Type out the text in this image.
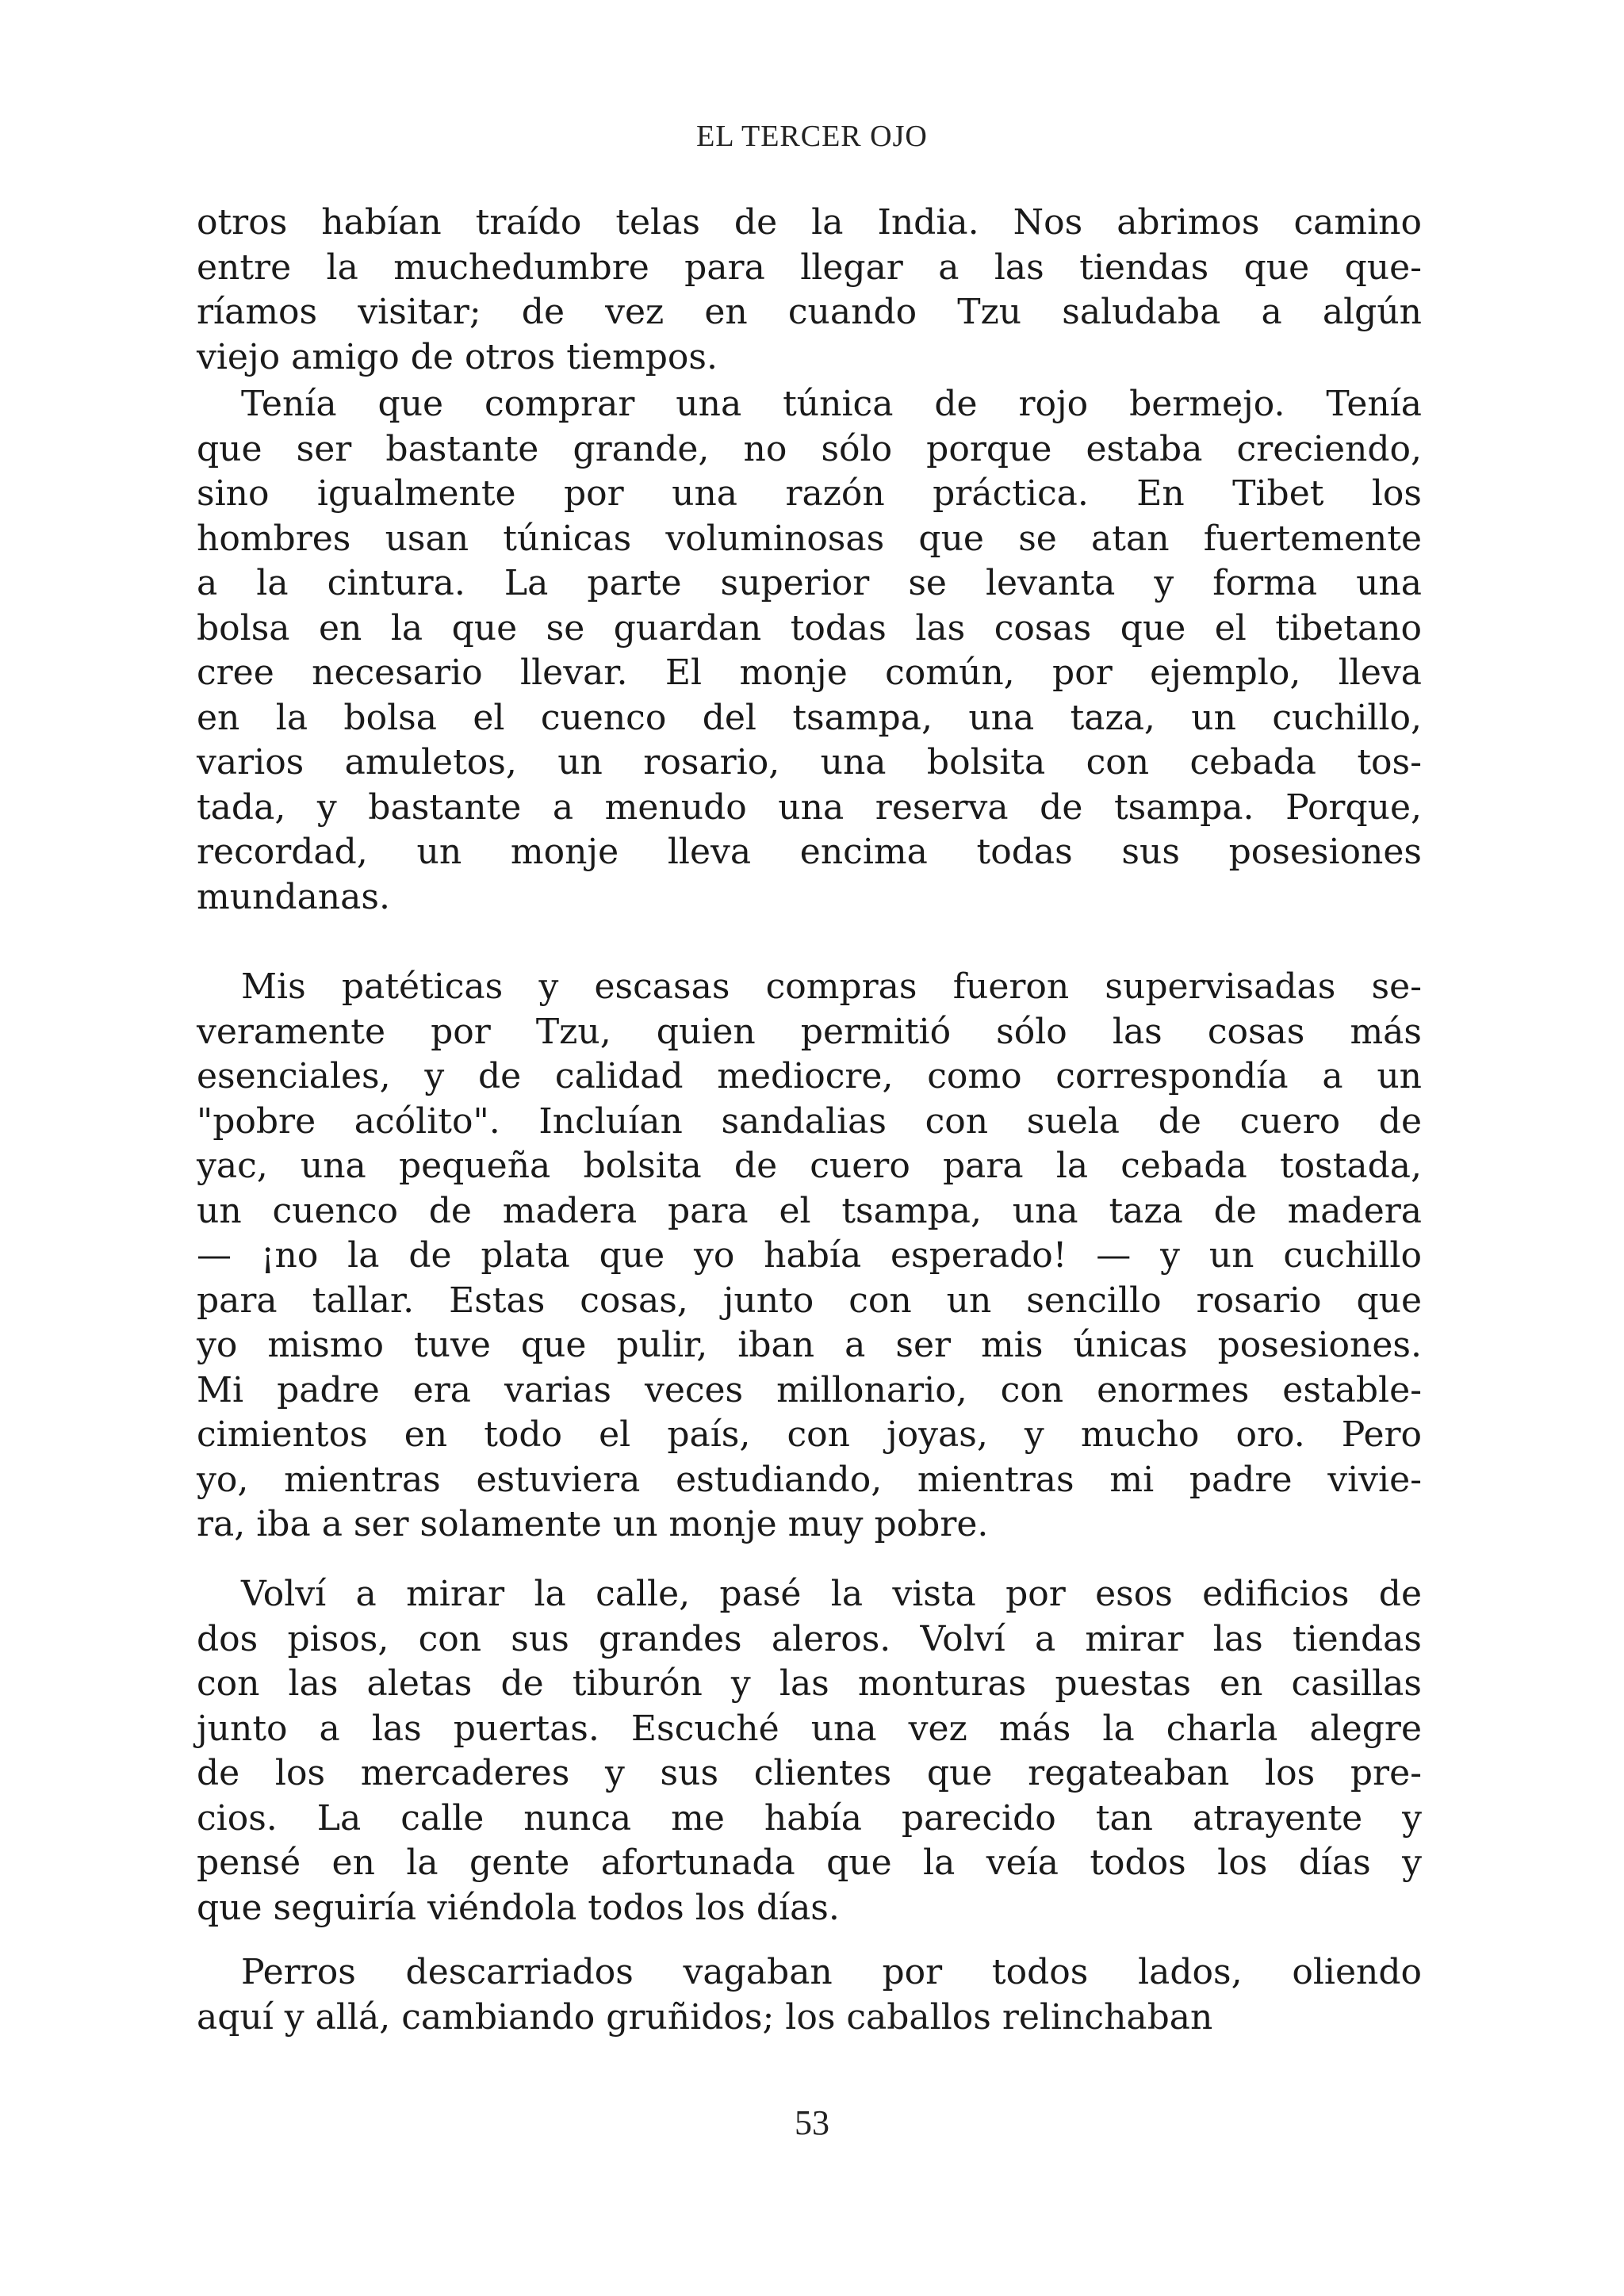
EL TERCER OJO
otros habían traído telas de la India. Nos abrimos camino
entre la muchedumbre para llegar a las tiendas que que-
ríamos visitar; de vez en cuando Tzu saludaba a algún
viejo amigo de otros tiempos.
Tenía que comprar una túnica de rojo bermejo. Tenía
que ser bastante grande, no sólo porque estaba creciendo,
sino igualmente por una razón práctica. En Tibet los
hombres usan túnicas voluminosas que se atan fuertemente
a la cintura. La parte superior se levanta y forma una
bolsa en la que se guardan todas las cosas que el tibetano
cree necesario llevar. El monje común, por ejemplo, lleva
en la bolsa el cuenco del tsampa, una taza, un cuchillo,
varios amuletos, un rosario, una bolsita con cebada tos-
tada, y bastante a menudo una reserva de tsampa. Porque,
recordad, un monje lleva encima todas sus posesiones
mundanas.
Mis patéticas y escasas compras fueron supervisadas se-
veramente por Tzu, quien permitió sólo las cosas más
esenciales, y de calidad mediocre, como correspondía a un
"pobre acólito". Incluían sandalias con suela de cuero de
yac, una pequeña bolsita de cuero para la cebada tostada,
un cuenco de madera para el tsampa, una taza de madera
— ¡no la de plata que yo había esperado! — y un cuchillo
para tallar. Estas cosas, junto con un sencillo rosario que
yo mismo tuve que pulir, iban a ser mis únicas posesiones.
Mi padre era varias veces millonario, con enormes estable-
cimientos en todo el país, con joyas, y mucho oro. Pero
yo, mientras estuviera estudiando, mientras mi padre vivie-
ra, iba a ser solamente un monje muy pobre.
Volví a mirar la calle, pasé la vista por esos edificios de
dos pisos, con sus grandes aleros. Volví a mirar las tiendas
con las aletas de tiburón y las monturas puestas en casillas
junto a las puertas. Escuché una vez más la charla alegre
de los mercaderes y sus clientes que regateaban los pre-
cios. La calle nunca me había parecido tan atrayente y
pensé en la gente afortunada que la veía todos los días y
que seguiría viéndola todos los días.
Perros descarriados vagaban por todos lados, oliendo
aquí y allá, cambiando gruñidos; los caballos relinchaban
53
